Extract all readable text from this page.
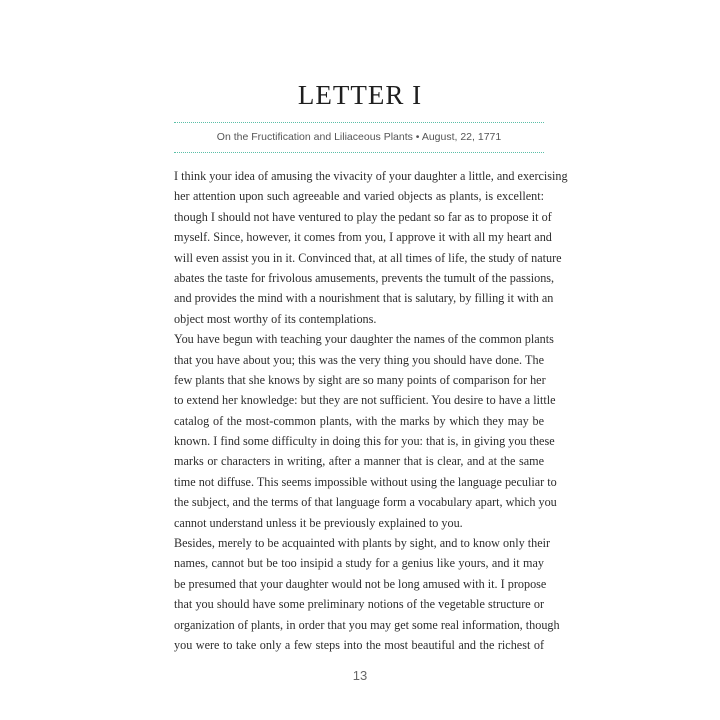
LETTER I
On the Fructification and Liliaceous Plants • August, 22, 1771
I think your idea of amusing the vivacity of your daughter a little, and exercising
her attention upon such agreeable and varied objects as plants, is excellent:
though I should not have ventured to play the pedant so far as to propose it of
myself. Since, however, it comes from you, I approve it with all my heart and
will even assist you in it. Convinced that, at all times of life, the study of nature
abates the taste for frivolous amusements, prevents the tumult of the passions,
and provides the mind with a nourishment that is salutary, by filling it with an
object most worthy of its contemplations.
You have begun with teaching your daughter the names of the common plants
that you have about you; this was the very thing you should have done. The
few plants that she knows by sight are so many points of comparison for her
to extend her knowledge: but they are not sufficient. You desire to have a little
catalog of the most-common plants, with the marks by which they may be
known. I find some difficulty in doing this for you: that is, in giving you these
marks or characters in writing, after a manner that is clear, and at the same
time not diffuse. This seems impossible without using the language peculiar to
the subject, and the terms of that language form a vocabulary apart, which you
cannot understand unless it be previously explained to you.
Besides, merely to be acquainted with plants by sight, and to know only their
names, cannot but be too insipid a study for a genius like yours, and it may
be presumed that your daughter would not be long amused with it. I propose
that you should have some preliminary notions of the vegetable structure or
organization of plants, in order that you may get some real information, though
you were to take only a few steps into the most beautiful and the richest of
13
